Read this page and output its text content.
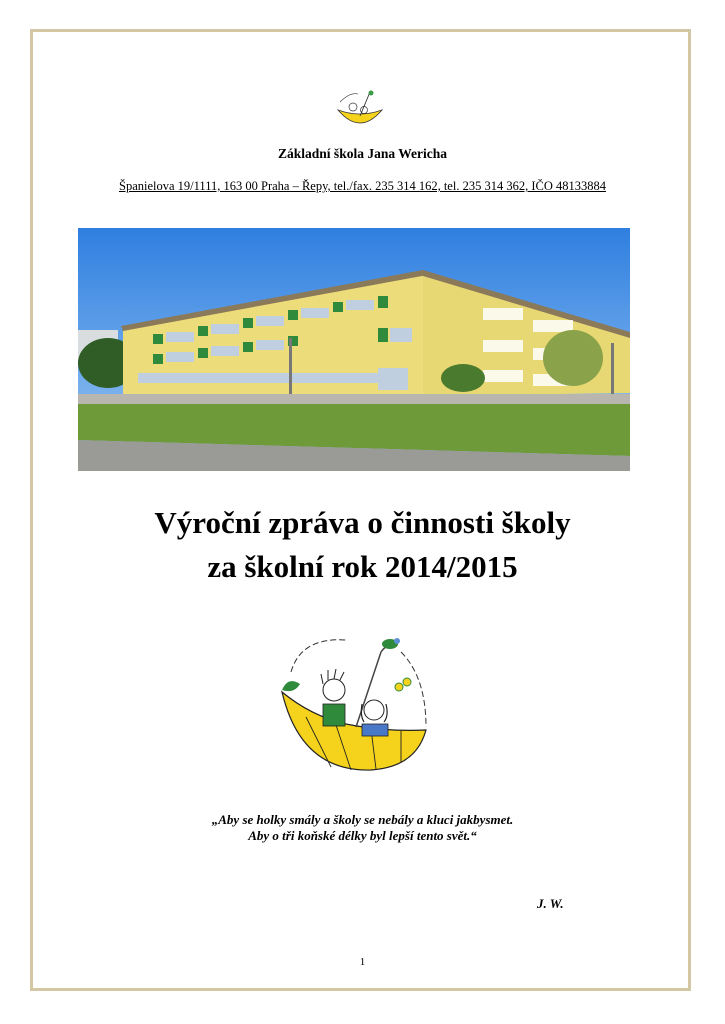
Základní škola Jana Wericha
Španielova 19/1111, 163 00 Praha – Řepy, tel./fax. 235 314 162, tel. 235 314 362, IČO 48133884
Výroční zpráva o činnosti školy
za školní rok 2014/2015
„Aby se holky smály a školy se nebály a kluci jakbysmet.
Aby o tři koňské délky byl lepší tento svět.“
J. W.
1
